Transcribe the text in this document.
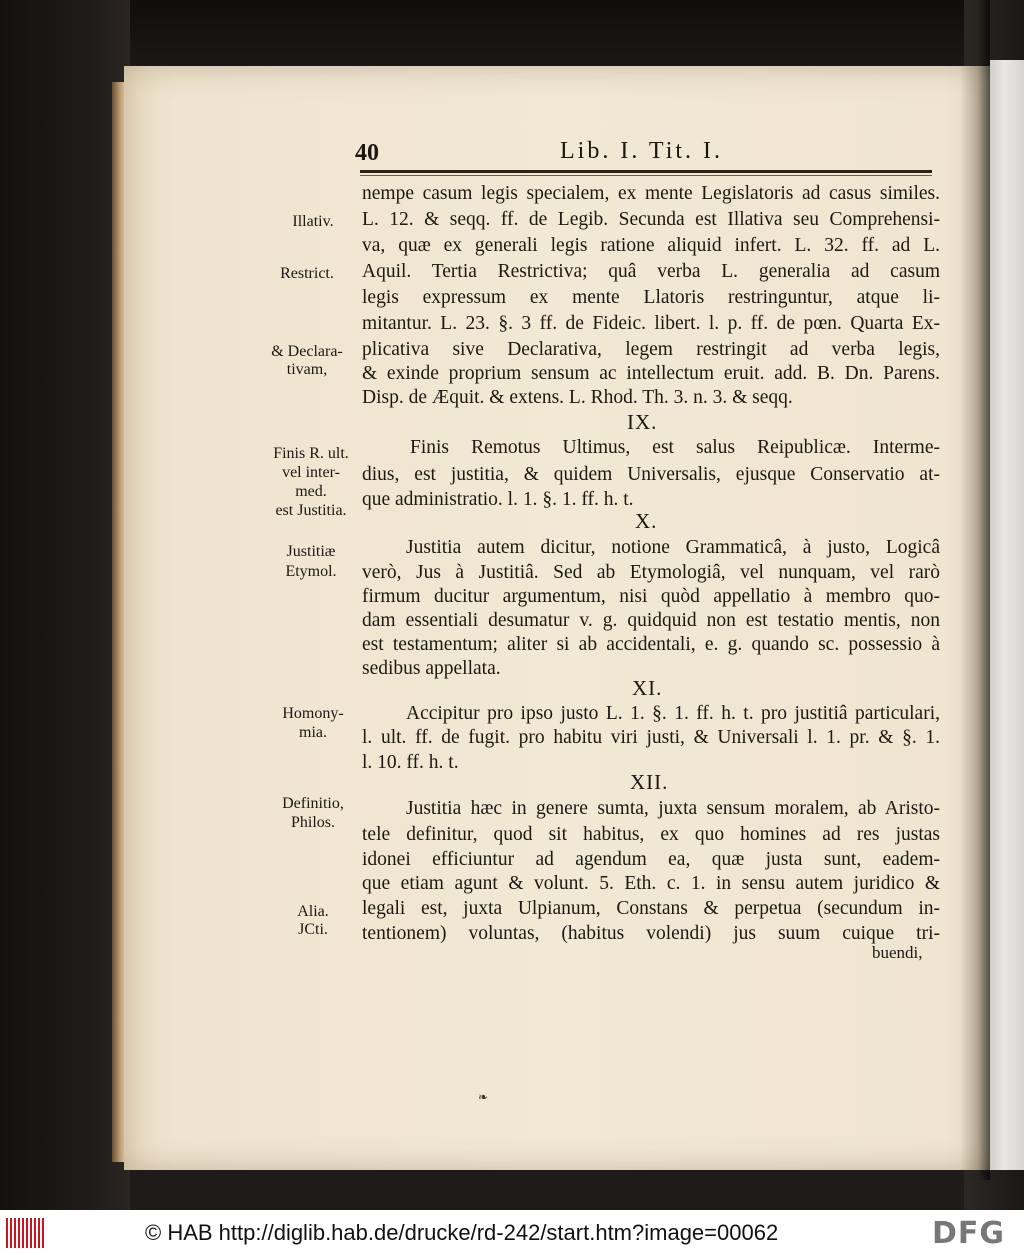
40	Lib. I. Tit. I.
nempe casum legis specialem, ex mente Legislatoris ad casus similes.
L. 12. & seqq. ff. de Legib. Secunda est Illativa seu Comprehensi-
va, quæ ex generali legis ratione aliquid infert. L. 32. ff. ad L.
Aquil. Tertia Restrictiva; quâ verba L. generalia ad casum
legis expressum ex mente Llatoris restringuntur, atque li-
mitantur. L. 23. §. 3 ff. de Fideic. libert. l. p. ff. de pœn. Quarta Ex-
plicativa sive Declarativa, legem restringit ad verba legis,
& exinde proprium sensum ac intellectum eruit. add. B. Dn. Parens.
Disp. de Æquit. & extens. L. Rhod. Th. 3. n. 3. & seqq.
IX.
Finis Remotus Ultimus, est salus Reipublicæ. Interme-
dius, est justitia, & quidem Universalis, ejusque Conservatio at-
que administratio. l. 1. §. 1. ff. h. t.
X.
Justitia autem dicitur, notione Grammaticâ, à justo, Logicâ
verò, Jus à Justitiâ. Sed ab Etymologiâ, vel nunquam, vel rarò
firmum ducitur argumentum, nisi quòd appellatio à membro quo-
dam essentiali desumatur v. g. quidquid non est testatio mentis, non
est testamentum; aliter si ab accidentali, e. g. quando sc. possessio à
sedibus appellata.
XI.
Accipitur pro ipso justo L. 1. §. 1. ff. h. t. pro justitiâ particulari,
l. ult. ff. de fugit. pro habitu viri justi, & Universali l. 1. pr. & §. 1.
l. 10. ff. h. t.
XII.
Justitia hæc in genere sumta, juxta sensum moralem, ab Aristo-
tele definitur, quod sit habitus, ex quo homines ad res justas
idonei efficiuntur ad agendum ea, quæ justa sunt, eadem-
que etiam agunt & volunt. 5. Eth. c. 1. in sensu autem juridico &
legali est, juxta Ulpianum, Constans & perpetua (secundum in-
tentionem) voluntas, (habitus volendi) jus suum cuique tri-
buendi,
Illativ.
Restrict.
& Declara-
tivam,
Finis R. ult.
vel inter-
med.
est Justitia.
Justitiæ
Etymol.
Homony-
mia.
Definitio,
Philos.
Alia.
JCti.
❧
© HAB http://diglib.hab.de/drucke/rd-242/start.htm?image=00062	DFG
